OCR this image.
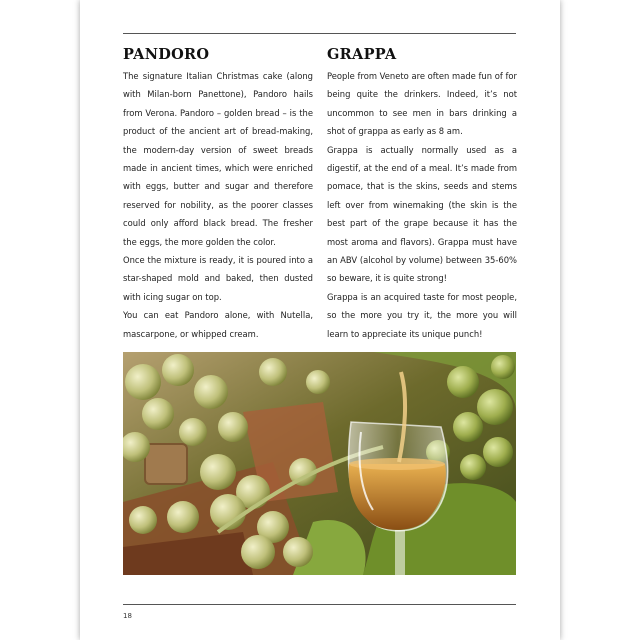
PANDORO

The signature Italian Christmas cake (along with Milan-born Panettone), Pandoro hails from Verona. Pandoro – golden bread – is the product of the ancient art of bread-making, the modern-day version of sweet breads made in ancient times, which were enriched with eggs, butter and sugar and therefore reserved for nobility, as the poorer classes could only afford black bread. The fresher the eggs, the more golden the color.

Once the mixture is ready, it is poured into a star-shaped mold and baked, then dusted with icing sugar on top.

You can eat Pandoro alone, with Nutella, mascarpone, or whipped cream.

GRAPPA

People from Veneto are often made fun of for being quite the drinkers. Indeed, it’s not uncommon to see men in bars drinking a shot of grappa as early as 8 am.

Grappa is actually normally used as a digestif, at the end of a meal. It’s made from pomace, that is the skins, seeds and stems left over from winemaking (the skin is the best part of the grape because it has the most aroma and flavors). Grappa must have an ABV (alcohol by volume) between 35-60% so beware, it is quite strong!

Grappa is an acquired taste for most people, so the more you try it, the more you will learn to appreciate its unique punch!

18
